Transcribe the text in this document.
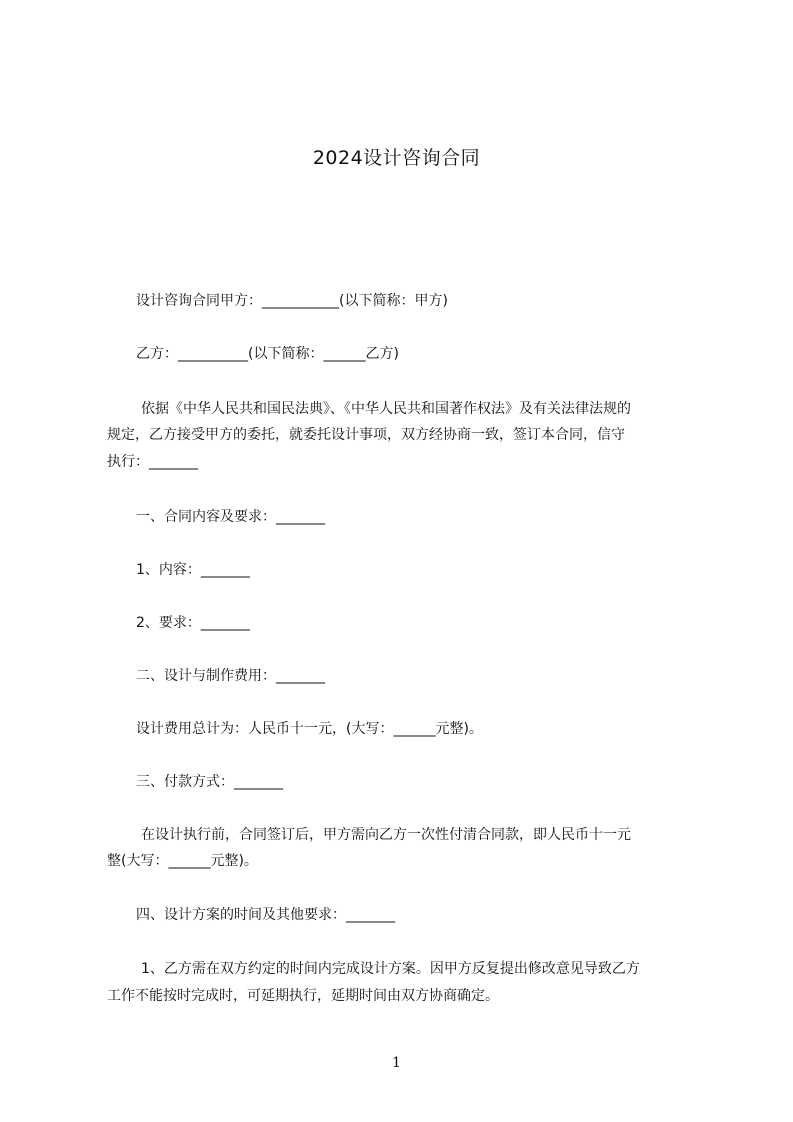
2024设计咨询合同
设计咨询合同甲方：___________(以下简称：甲方)
乙方：__________(以下简称：______乙方)
依据《中华人民共和国民法典》、《中华人民共和国著作权法》及有关法律法规的
规定，乙方接受甲方的委托，就委托设计事项，双方经协商一致，签订本合同，信守
执行：_______
一、合同内容及要求：_______
1、内容：_______
2、要求：_______
二、设计与制作费用：_______
设计费用总计为：人民币十一元，(大写：______元整)。
三、付款方式：_______
在设计执行前，合同签订后，甲方需向乙方一次性付清合同款，即人民币十一元
整(大写：______元整)。
四、设计方案的时间及其他要求：_______
1、乙方需在双方约定的时间内完成设计方案。因甲方反复提出修改意见导致乙方
工作不能按时完成时，可延期执行，延期时间由双方协商确定。
1
